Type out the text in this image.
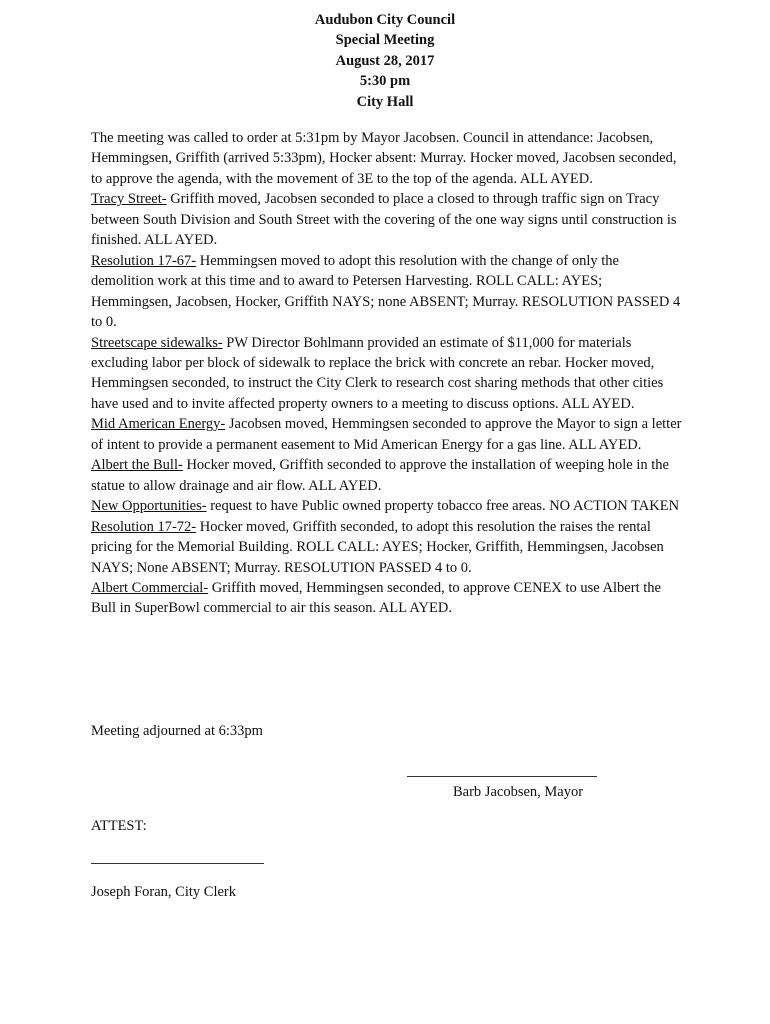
Audubon City Council
Special Meeting
August 28, 2017
5:30 pm
City Hall

The meeting was called to order at 5:31pm by Mayor Jacobsen. Council in attendance: Jacobsen, Hemmingsen, Griffith (arrived 5:33pm), Hocker absent: Murray. Hocker moved, Jacobsen seconded, to approve the agenda, with the movement of 3E to the top of the agenda. ALL AYED.

Tracy Street- Griffith moved, Jacobsen seconded to place a closed to through traffic sign on Tracy between South Division and South Street with the covering of the one way signs until construction is finished. ALL AYED.

Resolution 17-67- Hemmingsen moved to adopt this resolution with the change of only the demolition work at this time and to award to Petersen Harvesting. ROLL CALL: AYES; Hemmingsen, Jacobsen, Hocker, Griffith NAYS; none ABSENT; Murray. RESOLUTION PASSED 4 to 0.

Streetscape sidewalks- PW Director Bohlmann provided an estimate of $11,000 for materials excluding labor per block of sidewalk to replace the brick with concrete an rebar. Hocker moved, Hemmingsen seconded, to instruct the City Clerk to research cost sharing methods that other cities have used and to invite affected property owners to a meeting to discuss options. ALL AYED.

Mid American Energy- Jacobsen moved, Hemmingsen seconded to approve the Mayor to sign a letter of intent to provide a permanent easement to Mid American Energy for a gas line. ALL AYED.

Albert the Bull- Hocker moved, Griffith seconded to approve the installation of weeping hole in the statue to allow drainage and air flow. ALL AYED.

New Opportunities- request to have Public owned property tobacco free areas. NO ACTION TAKEN

Resolution 17-72- Hocker moved, Griffith seconded, to adopt this resolution the raises the rental pricing for the Memorial Building. ROLL CALL: AYES; Hocker, Griffith, Hemmingsen, Jacobsen NAYS; None ABSENT; Murray. RESOLUTION PASSED 4 to 0.

Albert Commercial- Griffith moved, Hemmingsen seconded, to approve CENEX to use Albert the Bull in SuperBowl commercial to air this season. ALL AYED.

Meeting adjourned at 6:33pm
Barb Jacobsen, Mayor
ATTEST:
Joseph Foran, City Clerk
